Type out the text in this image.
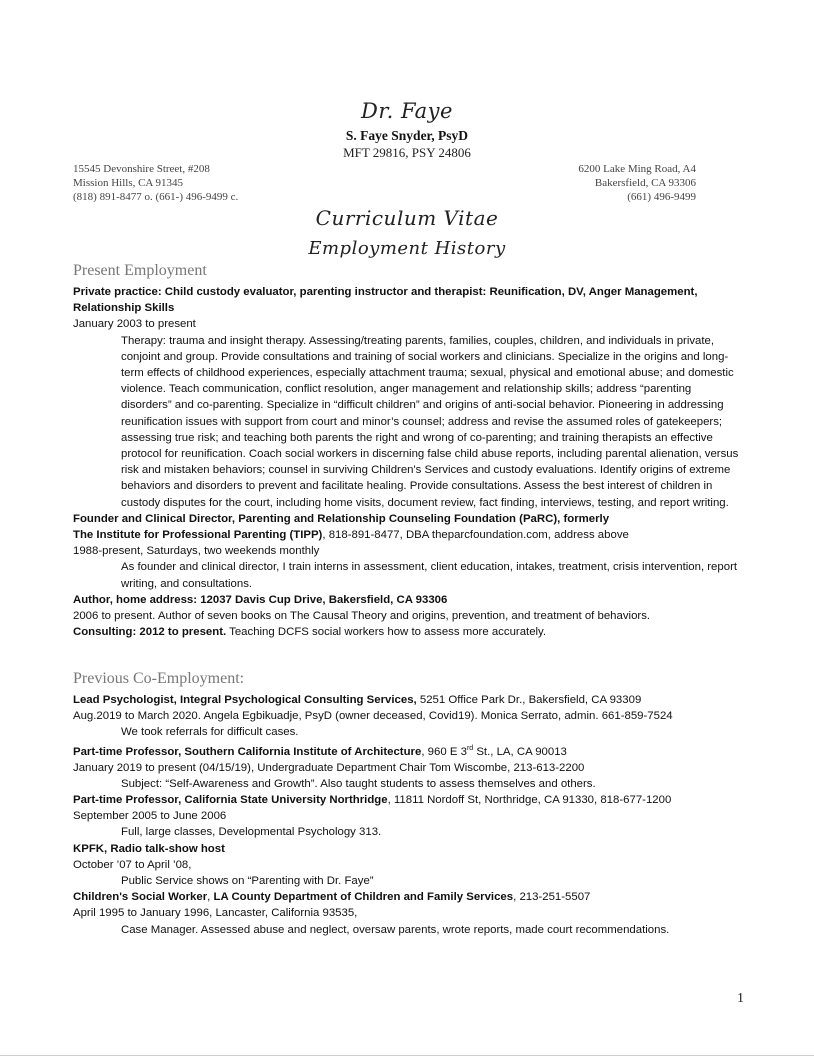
Dr. Faye
S. Faye Snyder, PsyD
MFT 29816, PSY 24806
15545 Devonshire Street, #208
Mission Hills, CA 91345
(818) 891-8477 o. (661-) 496-9499 c.
6200 Lake Ming Road, A4
Bakersfield, CA 93306
(661) 496-9499
Curriculum Vitae
Employment History
Present Employment
Private practice: Child custody evaluator, parenting instructor and therapist: Reunification, DV, Anger Management,
Relationship Skills
January 2003 to present
Therapy: trauma and insight therapy. Assessing/treating parents, families, couples, children, and individuals in private, conjoint and group. Provide consultations and training of social workers and clinicians. Specialize in the origins and long-term effects of childhood experiences, especially attachment trauma; sexual, physical and emotional abuse; and domestic violence. Teach communication, conflict resolution, anger management and relationship skills; address “parenting disorders” and co-parenting. Specialize in “difficult children” and origins of anti-social behavior. Pioneering in addressing reunification issues with support from court and minor’s counsel; address and revise the assumed roles of gatekeepers; assessing true risk; and teaching both parents the right and wrong of co-parenting; and training therapists an effective protocol for reunification. Coach social workers in discerning false child abuse reports, including parental alienation, versus risk and mistaken behaviors; counsel in surviving Children's Services and custody evaluations. Identify origins of extreme behaviors and disorders to prevent and facilitate healing. Provide consultations. Assess the best interest of children in custody disputes for the court, including home visits, document review, fact finding, interviews, testing, and report writing.
Founder and Clinical Director, Parenting and Relationship Counseling Foundation (PaRC), formerly
The Institute for Professional Parenting (TIPP), 818-891-8477, DBA theparcfoundation.com, address above
1988-present, Saturdays, two weekends monthly
As founder and clinical director, I train interns in assessment, client education, intakes, treatment, crisis intervention, report writing, and consultations.
Author, home address: 12037 Davis Cup Drive, Bakersfield, CA 93306
2006 to present. Author of seven books on The Causal Theory and origins, prevention, and treatment of behaviors.
Consulting: 2012 to present. Teaching DCFS social workers how to assess more accurately.
Previous Co-Employment:
Lead Psychologist, Integral Psychological Consulting Services, 5251 Office Park Dr., Bakersfield, CA 93309
Aug.2019 to March 2020. Angela Egbikuadje, PsyD (owner deceased, Covid19). Monica Serrato, admin. 661-859-7524
We took referrals for difficult cases.
Part-time Professor, Southern California Institute of Architecture, 960 E 3rd St., LA, CA 90013
January 2019 to present (04/15/19), Undergraduate Department Chair Tom Wiscombe, 213-613-2200
Subject: “Self-Awareness and Growth”. Also taught students to assess themselves and others.
Part-time Professor, California State University Northridge, 11811 Nordoff St, Northridge, CA 91330, 818-677-1200
September 2005 to June 2006
Full, large classes, Developmental Psychology 313.
KPFK, Radio talk-show host
October ’07 to April ’08,
Public Service shows on “Parenting with Dr. Faye”
Children's Social Worker, LA County Department of Children and Family Services, 213-251-5507
April 1995 to January 1996, Lancaster, California 93535,
Case Manager. Assessed abuse and neglect, oversaw parents, wrote reports, made court recommendations.
1
